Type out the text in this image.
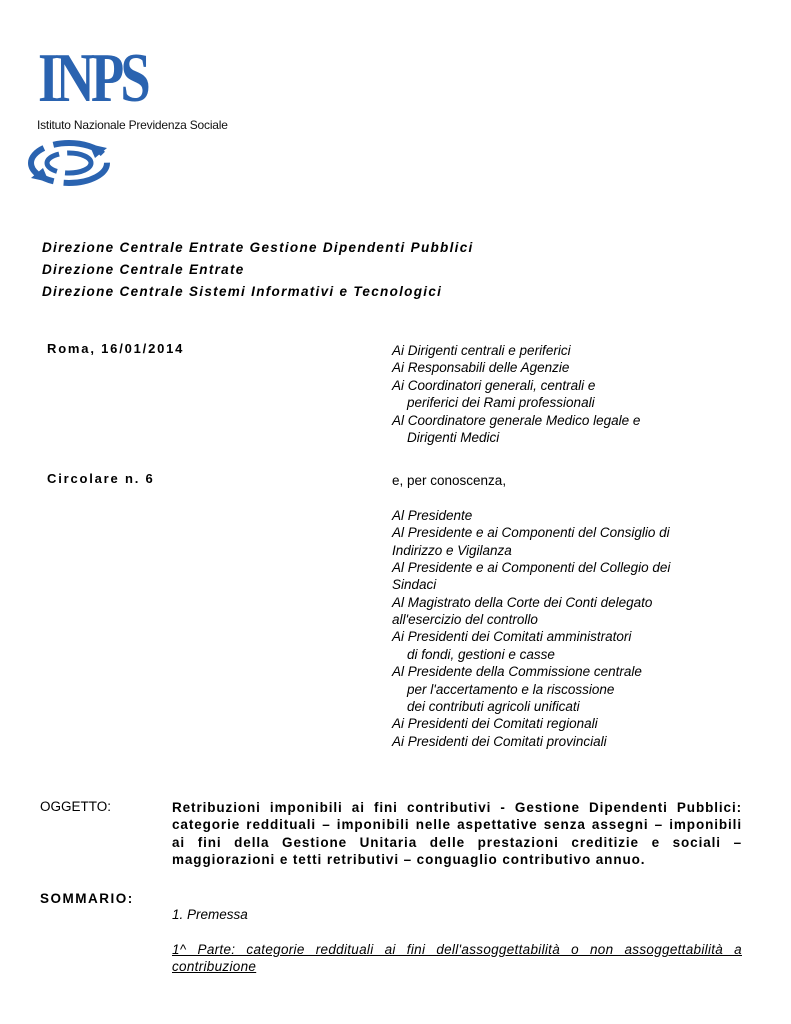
INPS
Istituto Nazionale Previdenza Sociale
Direzione Centrale Entrate Gestione Dipendenti Pubblici
Direzione Centrale Entrate
Direzione Centrale Sistemi Informativi e Tecnologici
Roma, 16/01/2014
Circolare n. 6
Ai Dirigenti centrali e periferici
Ai Responsabili delle Agenzie
Ai Coordinatori generali, centrali e
periferici dei Rami professionali
Al Coordinatore generale Medico legale e
Dirigenti Medici
e, per conoscenza,
Al Presidente
Al Presidente e ai Componenti del Consiglio di
Indirizzo e Vigilanza
Al Presidente e ai Componenti del Collegio dei
Sindaci
Al Magistrato della Corte dei Conti delegato
all'esercizio del controllo
Ai Presidenti dei Comitati amministratori
di fondi, gestioni e casse
Al Presidente della Commissione centrale
per l'accertamento e la riscossione
dei contributi agricoli unificati
Ai Presidenti dei Comitati regionali
Ai Presidenti dei Comitati provinciali
OGGETTO:	Retribuzioni imponibili ai fini contributivi - Gestione Dipendenti Pubblici: categorie reddituali – imponibili nelle aspettative senza assegni – imponibili ai fini della Gestione Unitaria delle prestazioni creditizie e sociali – maggiorazioni e tetti retributivi – conguaglio contributivo annuo.
SOMMARIO:
1. Premessa
1^ Parte: categorie reddituali ai fini dell'assoggettabilità o non assoggettabilità a contribuzione
